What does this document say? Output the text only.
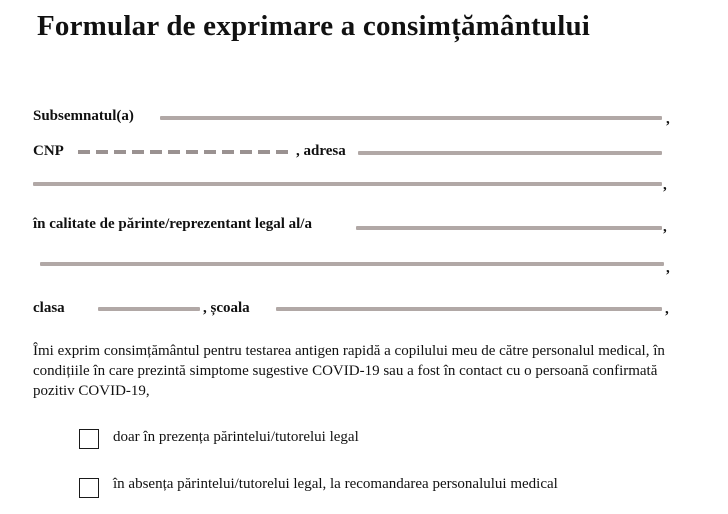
Formular de exprimare a consimțământului
Subsemnatul(a)	,
CNP	, adresa
,
în calitate de părinte/reprezentant legal al/a	,
,
clasa	, școala	,

Îmi exprim consimțământul pentru testarea antigen rapidă a copilului meu de către personalul medical, în condițiile în care prezintă simptome sugestive COVID-19 sau a fost în contact cu o persoană confirmată pozitiv COVID-19,

doar în prezența părintelui/tutorelui legal
în absența părintelui/tutorelui legal, la recomandarea personalului medical
